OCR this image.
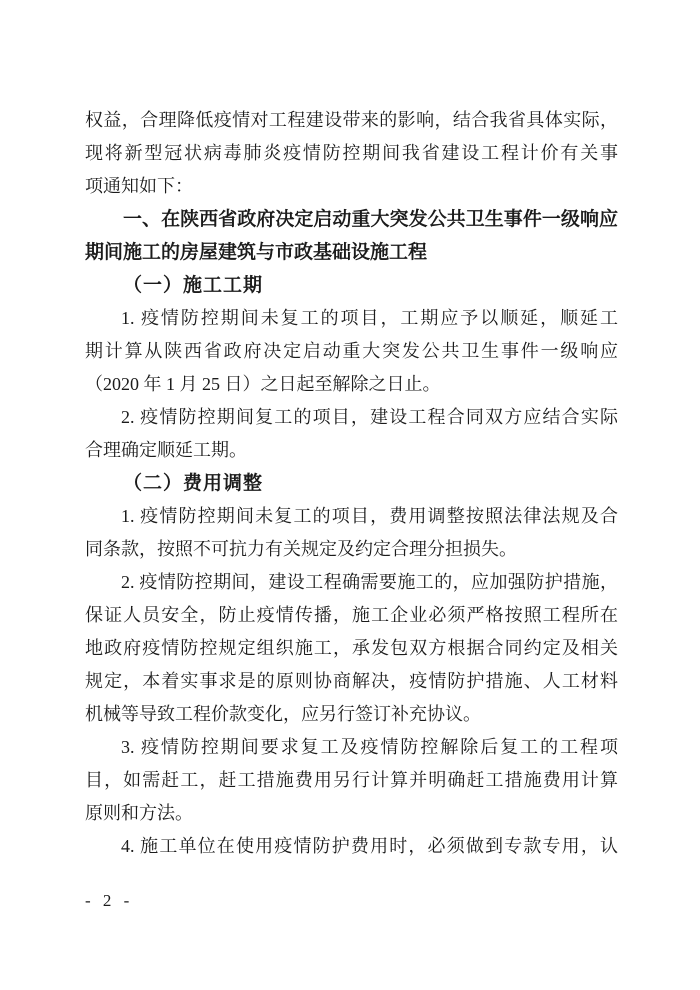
权益，合理降低疫情对工程建设带来的影响，结合我省具体实际，
现将新型冠状病毒肺炎疫情防控期间我省建设工程计价有关事
项通知如下：
一、在陕西省政府决定启动重大突发公共卫生事件一级响应
期间施工的房屋建筑与市政基础设施工程
（一）施工工期
1. 疫情防控期间未复工的项目，工期应予以顺延，顺延工
期计算从陕西省政府决定启动重大突发公共卫生事件一级响应
（2020 年 1 月 25 日）之日起至解除之日止。
2. 疫情防控期间复工的项目，建设工程合同双方应结合实际
合理确定顺延工期。
（二）费用调整
1. 疫情防控期间未复工的项目，费用调整按照法律法规及合
同条款，按照不可抗力有关规定及约定合理分担损失。
2. 疫情防控期间，建设工程确需要施工的，应加强防护措施，
保证人员安全，防止疫情传播，施工企业必须严格按照工程所在
地政府疫情防控规定组织施工，承发包双方根据合同约定及相关
规定，本着实事求是的原则协商解决，疫情防护措施、人工材料
机械等导致工程价款变化，应另行签订补充协议。
3. 疫情防控期间要求复工及疫情防控解除后复工的工程项
目，如需赶工，赶工措施费用另行计算并明确赶工措施费用计算
原则和方法。
4. 施工单位在使用疫情防护费用时，必须做到专款专用，认
- 2 -
